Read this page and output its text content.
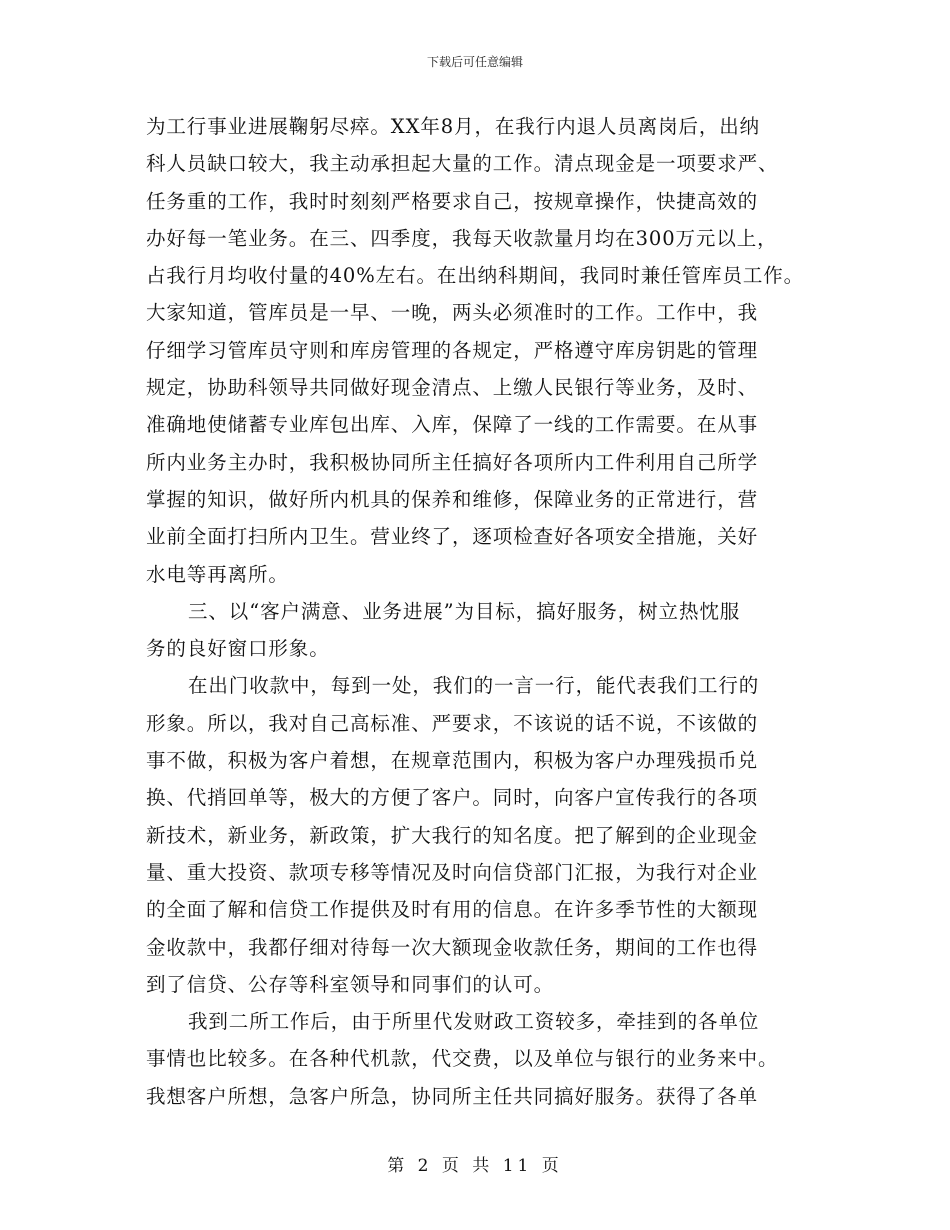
下载后可任意编辑
为工行事业进展鞠躬尽瘁。XX年8月，在我行内退人员离岗后，出纳
科人员缺口较大，我主动承担起大量的工作。清点现金是一项要求严、
任务重的工作，我时时刻刻严格要求自己，按规章操作，快捷高效的
办好每一笔业务。在三、四季度，我每天收款量月均在300万元以上，
占我行月均收付量的40%左右。在出纳科期间，我同时兼任管库员工作。
大家知道，管库员是一早、一晚，两头必须准时的工作。工作中，我
仔细学习管库员守则和库房管理的各规定，严格遵守库房钥匙的管理
规定，协助科领导共同做好现金清点、上缴人民银行等业务，及时、
准确地使储蓄专业库包出库、入库，保障了一线的工作需要。在从事
所内业务主办时，我积极协同所主任搞好各项所内工件利用自己所学
掌握的知识，做好所内机具的保养和维修，保障业务的正常进行，营
业前全面打扫所内卫生。营业终了，逐项检查好各项安全措施，关好
水电等再离所。
三、以“客户满意、业务进展”为目标，搞好服务，树立热忱服
务的良好窗口形象。
在出门收款中，每到一处，我们的一言一行，能代表我们工行的
形象。所以，我对自己高标准、严要求，不该说的话不说，不该做的
事不做，积极为客户着想，在规章范围内，积极为客户办理残损币兑
换、代捎回单等，极大的方便了客户。同时，向客户宣传我行的各项
新技术，新业务，新政策，扩大我行的知名度。把了解到的企业现金
量、重大投资、款项专移等情况及时向信贷部门汇报，为我行对企业
的全面了解和信贷工作提供及时有用的信息。在许多季节性的大额现
金收款中，我都仔细对待每一次大额现金收款任务，期间的工作也得
到了信贷、公存等科室领导和同事们的认可。
我到二所工作后，由于所里代发财政工资较多，牵挂到的各单位
事情也比较多。在各种代机款，代交费，以及单位与银行的业务来中。
我想客户所想，急客户所急，协同所主任共同搞好服务。获得了各单
第 2 页 共 11 页
